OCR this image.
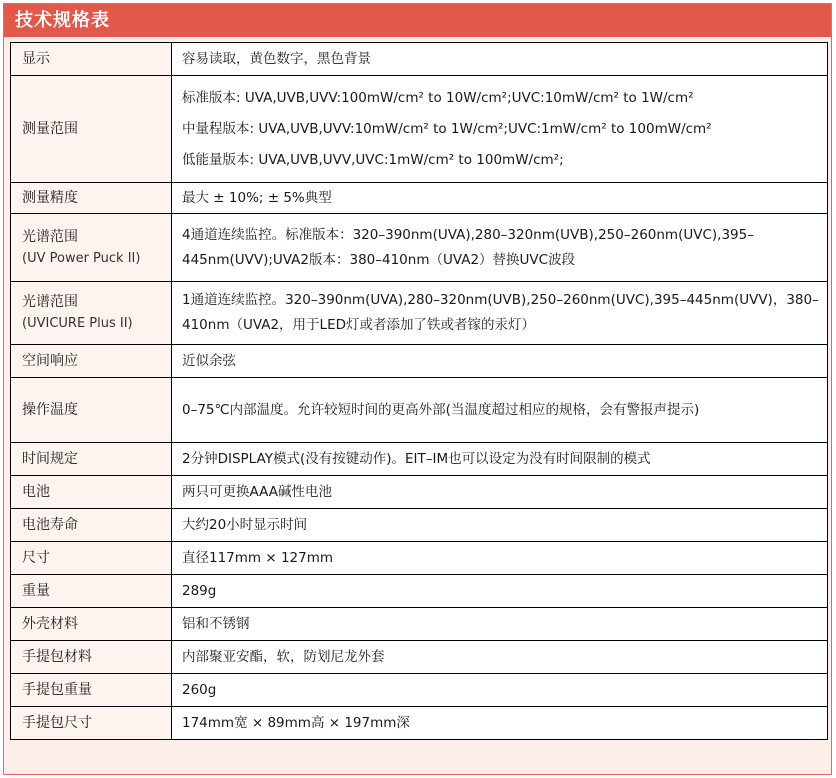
技术规格表
显示	容易读取，黄色数字，黑色背景
测量范围	标准版本: UVA,UVB,UVV:100mW/cm² to 10W/cm²;UVC:10mW/cm² to 1W/cm²
中量程版本: UVA,UVB,UVV:10mW/cm² to 1W/cm²;UVC:1mW/cm² to 100mW/cm²
低能量版本: UVA,UVB,UVV,UVC:1mW/cm² to 100mW/cm²;

测量精度	最大 ± 10%; ± 5%典型

光谱范围
(UV Power Puck II)	4通道连续监控。标准版本：320–390nm(UVA),280–320nm(UVB),250–260nm(UVC),395–445nm(UVV);UVA2版本：380–410nm（UVA2）替换UVC波段

光谱范围
(UVICURE Plus II)	1通道连续监控。320–390nm(UVA),280–320nm(UVB),250–260nm(UVC),395–445nm(UVV)，380–410nm（UVA2，用于LED灯或者添加了铁或者镓的汞灯）
空间响应	近似余弦
操作温度	0–75℃内部温度。允许较短时间的更高外部(当温度超过相应的规格，会有警报声提示)
时间规定	2分钟DISPLAY模式(没有按键动作)。EIT–IM也可以设定为没有时间限制的模式
电池	两只可更换AAA碱性电池
电池寿命	大约20小时显示时间
尺寸	直径117mm × 127mm
重量	289g
外壳材料	铝和不锈钢
手提包材料	内部聚亚安酯，软，防划尼龙外套
手提包重量	260g
手提包尺寸	174mm宽 × 89mm高 × 197mm深
